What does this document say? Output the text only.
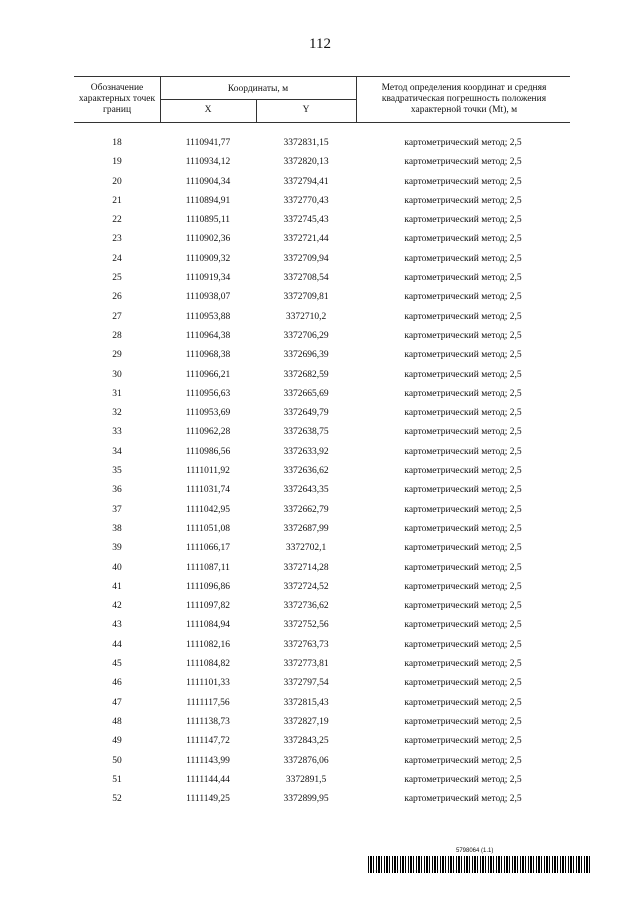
112
Обозначение характерных точек границ
Координаты, м
X	Y
Метод определения координат и средняя квадратическая погрешность положения характерной точки (Mt), м
18	1110941,77	3372831,15	картометрический метод; 2,5
19	1110934,12	3372820,13	картометрический метод; 2,5
20	1110904,34	3372794,41	картометрический метод; 2,5
21	1110894,91	3372770,43	картометрический метод; 2,5
22	1110895,11	3372745,43	картометрический метод; 2,5
23	1110902,36	3372721,44	картометрический метод; 2,5
24	1110909,32	3372709,94	картометрический метод; 2,5
25	1110919,34	3372708,54	картометрический метод; 2,5
26	1110938,07	3372709,81	картометрический метод; 2,5
27	1110953,88	3372710,2	картометрический метод; 2,5
28	1110964,38	3372706,29	картометрический метод; 2,5
29	1110968,38	3372696,39	картометрический метод; 2,5
30	1110966,21	3372682,59	картометрический метод; 2,5
31	1110956,63	3372665,69	картометрический метод; 2,5
32	1110953,69	3372649,79	картометрический метод; 2,5
33	1110962,28	3372638,75	картометрический метод; 2,5
34	1110986,56	3372633,92	картометрический метод; 2,5
35	1111011,92	3372636,62	картометрический метод; 2,5
36	1111031,74	3372643,35	картометрический метод; 2,5
37	1111042,95	3372662,79	картометрический метод; 2,5
38	1111051,08	3372687,99	картометрический метод; 2,5
39	1111066,17	3372702,1	картометрический метод; 2,5
40	1111087,11	3372714,28	картометрический метод; 2,5
41	1111096,86	3372724,52	картометрический метод; 2,5
42	1111097,82	3372736,62	картометрический метод; 2,5
43	1111084,94	3372752,56	картометрический метод; 2,5
44	1111082,16	3372763,73	картометрический метод; 2,5
45	1111084,82	3372773,81	картометрический метод; 2,5
46	1111101,33	3372797,54	картометрический метод; 2,5
47	1111117,56	3372815,43	картометрический метод; 2,5
48	1111138,73	3372827,19	картометрический метод; 2,5
49	1111147,72	3372843,25	картометрический метод; 2,5
50	1111143,99	3372876,06	картометрический метод; 2,5
51	1111144,44	3372891,5	картометрический метод; 2,5
52	1111149,25	3372899,95	картометрический метод; 2,5
5798064 (1.1)
